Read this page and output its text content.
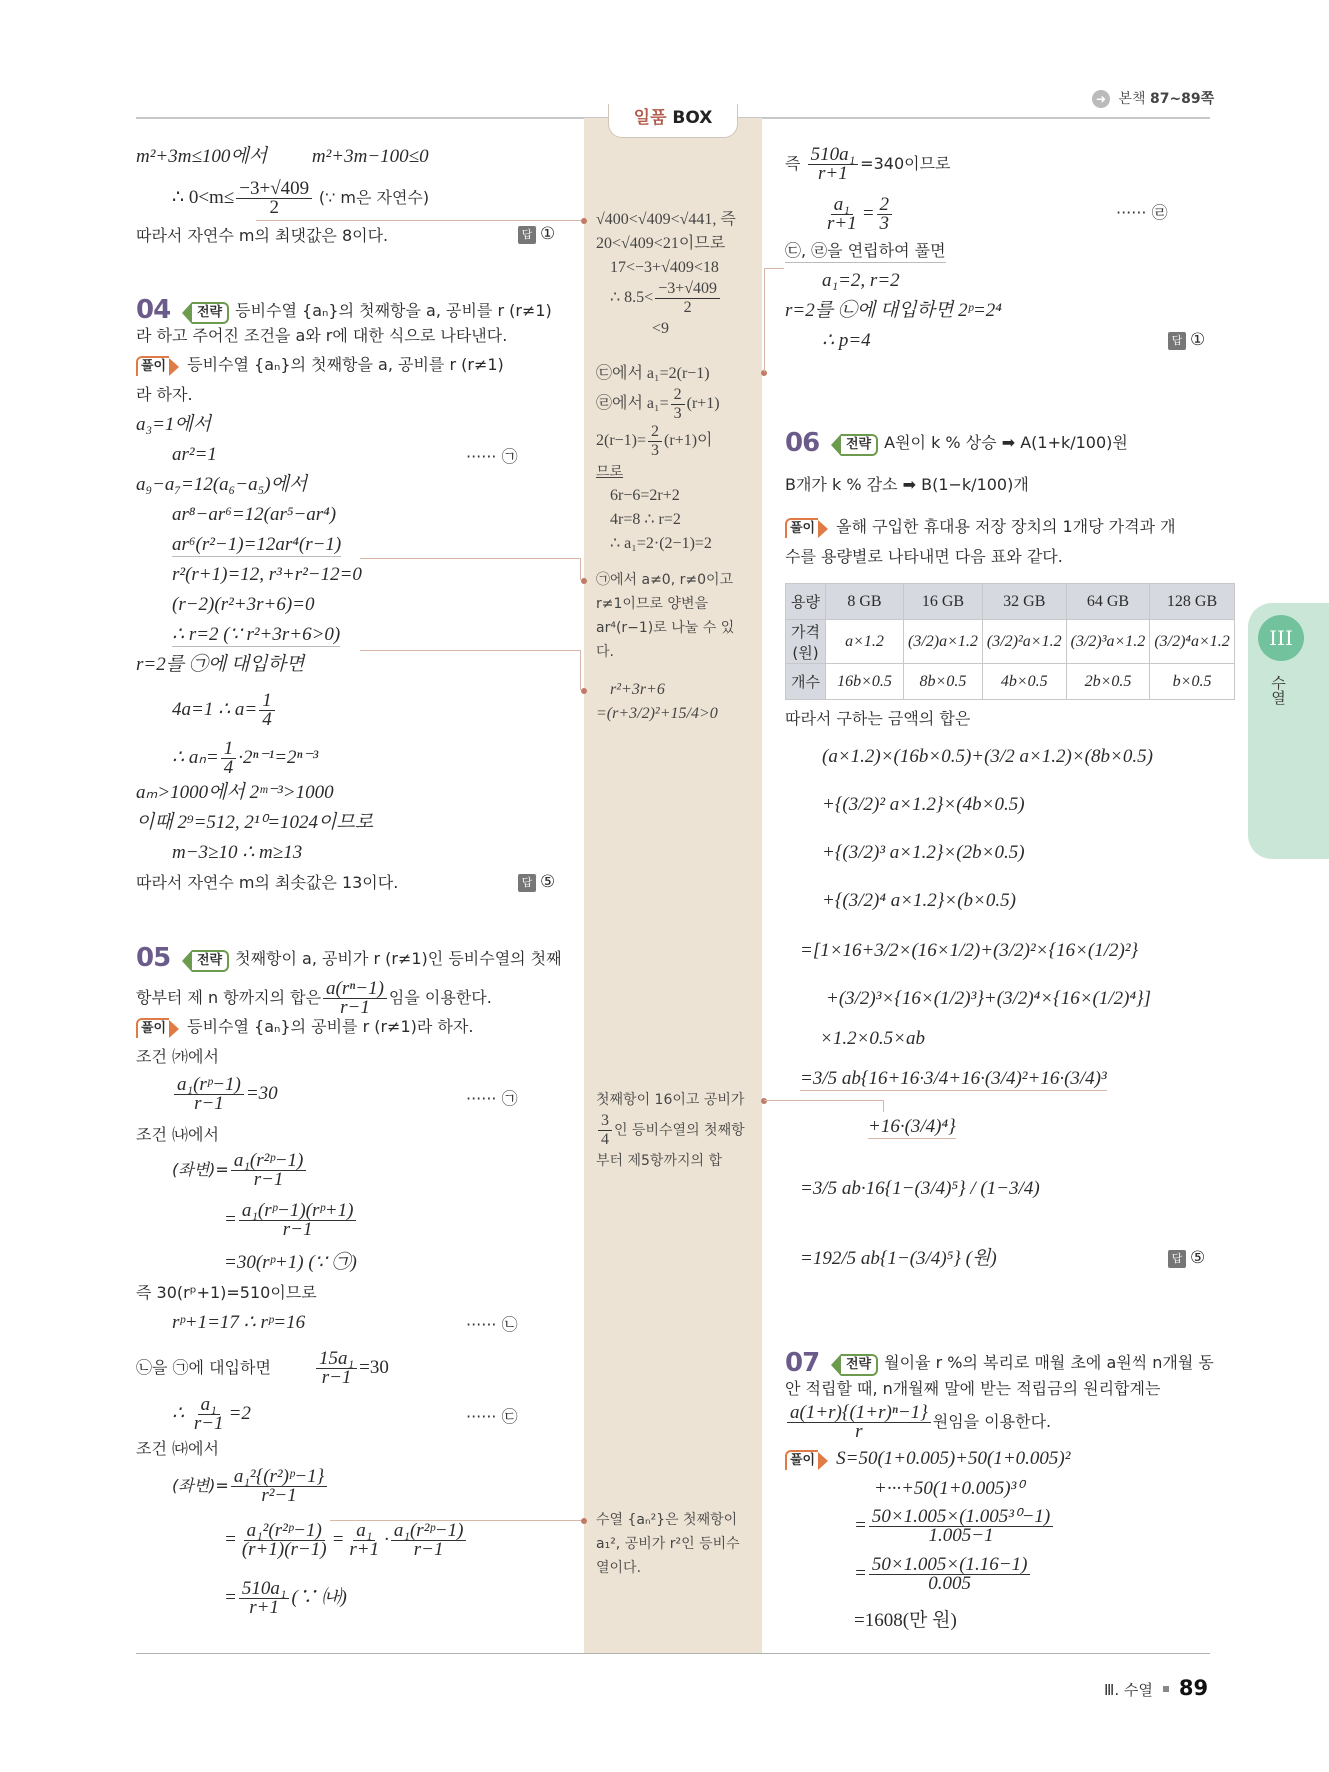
일품 BOX
➜ 본책 87~89쪽
m²+3m≤100에서 m²+3m−100≤0
∴ $0<m\le \frac{-3+√409}{2}$ (∵ m은 자연수)
따라서 자연수 m의 최댓값은 8이다.	답 ①
04	전략 등비수열 {aₙ}의 첫째항을 a, 공비를 r (r≠1)
라 하고 주어진 조건을 a와 r에 대한 식으로 나타낸다.
풀이 등비수열 {aₙ}의 첫째항을 a, 공비를 r (r≠1)
라 하자.
a₃=1에서
ar²=1	······ ㉠
a₉−a₇=12(a₆−a₅)에서
ar⁸−ar⁶=12(ar⁵−ar⁴)
ar⁶(r²−1)=12ar⁴(r−1)
r²(r+1)=12, r³+r²−12=0
(r−2)(r²+3r+6)=0
∴ r=2 (∵ r²+3r+6>0)
r=2를 ㉠에 대입하면
4a=1 ∴ $a= \frac{1}{4}$
∴ $a_n= \frac{1}{4} \cdot 2^{n-1}=2^{n-3}$
aₘ>1000에서 2ᵐ⁻³>1000
이때 2⁹=512, 2¹⁰=1024이므로
m−3≥10 ∴ m≥13
따라서 자연수 m의 최솟값은 13이다.	답 ⑤
05	전략 첫째항이 a, 공비가 r (r≠1)인 등비수열의 첫째
항부터 제 n 항까지의 합은 $\frac{\text{a(rⁿ−1)}}{r-1}$ 임을 이용한다.
풀이 등비수열 {aₙ}의 공비를 r (r≠1)라 하자.
조건 ㈎에서
$\frac{\text{a₁(rᵖ−1)}}{r-1} =30$	······ ㉠
조건 ㈏에서
(좌변)= $\frac{\text{a₁(r²ᵖ−1)}}{r-1}$
= $\frac{\text{a₁(rᵖ−1)(rᵖ+1)}}{r-1}$
=30(rᵖ+1) (∵ ㉠)
즉 30(rᵖ+1)=510이므로
rᵖ+1=17 ∴ rᵖ=16	······ ㉡
㉡을 ㉠에 대입하면 $\frac{\text{15a₁}}{r-1} =30$
∴ $\frac{\text{a₁}}{r-1} =2$	······ ㉢
조건 ㈐에서
(좌변)= $\frac{\text{a₁²\{(r²)ᵖ−1\}}}{\text{r²−1}}$
= $\frac{\text{a₁²(r²ᵖ−1)}}{(r+1)(r-1)} = \frac{\text{a₁}}{r+1} \cdot \frac{\text{a₁(r²ᵖ−1)}}{r-1}$
= $\frac{\text{510a₁}}{r+1}$ (∵ ㈏)
√400<√409<√441, 즉
20<√409<21이므로
17<−3+√409<18
∴ $8.5< \frac{-3+√409}{2}$
<9
㉢에서 a₁=2(r−1)
㉣에서 $a_1= \frac{2}{3} (r+1)$
$2(r-1)= \frac{2}{3} (r+1)$이
므로
6r−6=2r+2
4r=8 ∴ r=2
∴ a₁=2·(2−1)=2
㉠에서 a≠0, r≠0이고
r≠1이므로 양변을
ar⁴(r−1)로 나눌 수 있
다.
r²+3r+6
=(r+3/2)²+15/4>0
첫째항이 16이고 공비가
$\frac{3}{4}$ 인 등비수열의 첫째항
부터 제5항까지의 합
수열 {aₙ²}은 첫째항이
a₁², 공비가 r²인 등비수
열이다.
즉 $\frac{\text{510a₁}}{r+1} =340$이므로
$\frac{\text{a₁}}{r+1} = \frac{2}{3}$	······ ㉣
㉢, ㉣을 연립하여 풀면
a₁=2, r=2
r=2를 ㉡에 대입하면 2ᵖ=2⁴
∴ p=4	답 ①
06	전략 A원이 k % 상승 ➡ A(1+k/100)원
B개가 k % 감소 ➡ B(1−k/100)개
풀이 올해 구입한 휴대용 저장 장치의 1개당 가격과 개
수를 용량별로 나타내면 다음 표와 같다.
용량	8 GB	16 GB	32 GB	64 GB	128 GB
가격 (원)	a×1.2	(3/2)a×1.2	(3/2)²a×1.2	(3/2)³a×1.2	(3/2)⁴a×1.2
개수	16b×0.5	8b×0.5	4b×0.5	2b×0.5	b×0.5
따라서 구하는 금액의 합은
(a×1.2)×(16b×0.5)+(3/2 a×1.2)×(8b×0.5)
+{(3/2)² a×1.2}×(4b×0.5)
+{(3/2)³ a×1.2}×(2b×0.5)
+{(3/2)⁴ a×1.2}×(b×0.5)
=[1×16+3/2×(16×1/2)+(3/2)²×{16×(1/2)²}
+(3/2)³×{16×(1/2)³}+(3/2)⁴×{16×(1/2)⁴}]
×1.2×0.5×ab
=3/5 ab{16+16·3/4+16·(3/4)²+16·(3/4)³
+16·(3/4)⁴}
=3/5 ab·16{1−(3/4)⁵} / (1−3/4)
=192/5 ab{1−(3/4)⁵} (원)	답 ⑤
07	전략 월이율 r %의 복리로 매월 초에 a원씩 n개월 동
안 적립할 때, n개월째 말에 받는 적립금의 원리합계는
$\frac{\text{a(1+r)\{(1+r)ⁿ−1\}}}{r}$ 원임을 이용한다.
풀이 S=50(1+0.005)+50(1+0.005)²
+···+50(1+0.005)³⁰
= $\frac{\text{50×1.005×(1.005³⁰−1)}}{1.005-1}$
= $\frac{50\times 1.005\times(1.16-1)}{0.005}$
=1608(만 원)
III
수열
Ⅲ. 수열 89
